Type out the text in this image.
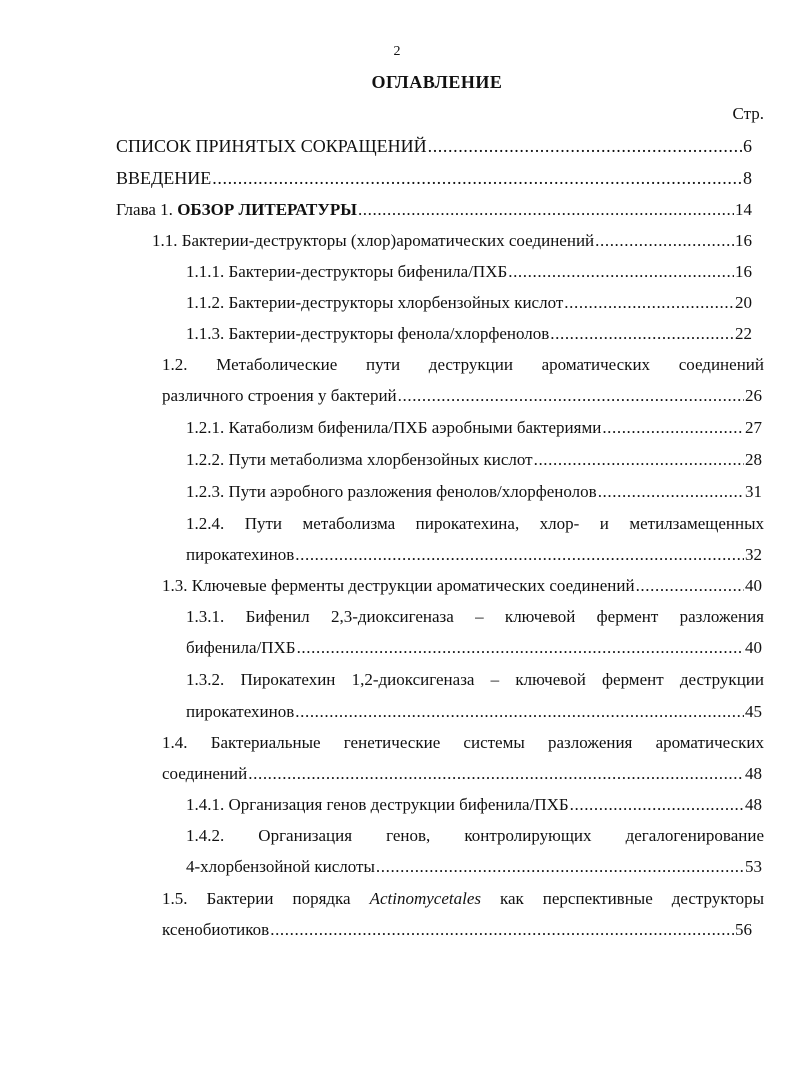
2
ОГЛАВЛЕНИЕ
Стр.
СПИСОК ПРИНЯТЫХ СОКРАЩЕНИЙ .....	6
ВВЕДЕНИЕ .....	8
Глава 1. ОБЗОР ЛИТЕРАТУРЫ .....	14
1.1. Бактерии-деструкторы (хлор)ароматических соединений .....	16
1.1.1. Бактерии-деструкторы бифенила/ПХБ .....	16
1.1.2. Бактерии-деструкторы хлорбензойных кислот .....	20
1.1.3. Бактерии-деструкторы фенола/хлорфенолов .....	22
1.2. Метаболические пути деструкции ароматических соединений
различного строения у бактерий .....	26
1.2.1. Катаболизм бифенила/ПХБ аэробными бактериями .....	27
1.2.2. Пути метаболизма хлорбензойных кислот .....	28
1.2.3. Пути аэробного разложения фенолов/хлорфенолов .....	31
1.2.4. Пути метаболизма пирокатехина, хлор- и метилзамещенных
пирокатехинов .....	32
1.3. Ключевые ферменты деструкции ароматических соединений .....	40
1.3.1. Бифенил 2,3-диоксигеназа – ключевой фермент разложения
бифенила/ПХБ .....	40
1.3.2. Пирокатехин 1,2-диоксигеназа – ключевой фермент деструкции
пирокатехинов .....	45
1.4. Бактериальные генетические системы разложения ароматических
соединений .....	48
1.4.1. Организация генов деструкции бифенила/ПХБ .....	48
1.4.2. Организация генов, контролирующих дегалогенирование
4-хлорбензойной кислоты .....	53
1.5. Бактерии порядка Actinomycetales как перспективные деструкторы
ксенобиотиков .....	56
